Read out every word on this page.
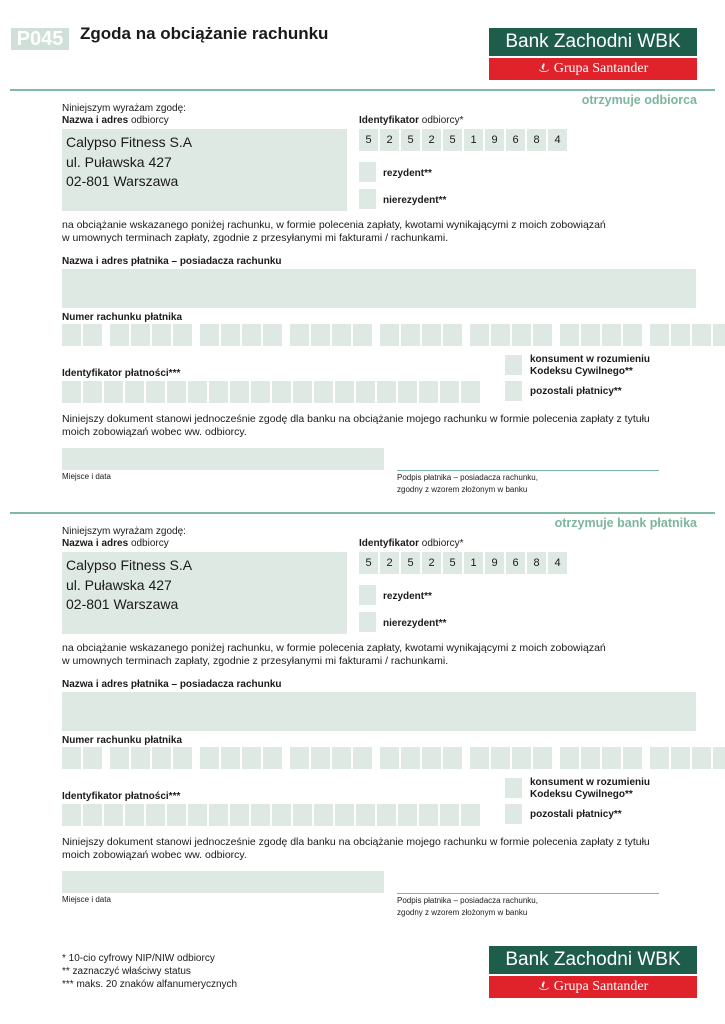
P045 Zgoda na obciążanie rachunku	Bank Zachodni WBK
Grupa Santander
otrzymuje odbiorca
Niniejszym wyrażam zgodę:
Nazwa i adres odbiorcy
Calypso Fitness S.A
ul. Puławska 427
02-801 Warszawa
Identyfikator odbiorcy*
5	2	5	2	5	1	9	6	8	4
rezydent**
nierezydent**
na obciążanie wskazanego poniżej rachunku, w formie polecenia zapłaty, kwotami wynikającymi z moich zobowiązań
w umownych terminach zapłaty, zgodnie z przesyłanymi mi fakturami / rachunkami.
Nazwa i adres płatnika – posiadacza rachunku
Numer rachunku płatnika
konsument w rozumieniu
Kodeksu Cywilnego**
Identyfikator płatności***
pozostali płatnicy**
Niniejszy dokument stanowi jednocześnie zgodę dla banku na obciążanie mojego rachunku w formie polecenia zapłaty z tytułu
moich zobowiązań wobec ww. odbiorcy.
Miejsce i data	Podpis płatnika – posiadacza rachunku,
zgodny z wzorem złożonym w banku
otrzymuje bank płatnika
Niniejszym wyrażam zgodę:
Nazwa i adres odbiorcy
Calypso Fitness S.A
ul. Puławska 427
02-801 Warszawa
Identyfikator odbiorcy*
5	2	5	2	5	1	9	6	8	4
rezydent**
nierezydent**
na obciążanie wskazanego poniżej rachunku, w formie polecenia zapłaty, kwotami wynikającymi z moich zobowiązań
w umownych terminach zapłaty, zgodnie z przesyłanymi mi fakturami / rachunkami.
Nazwa i adres płatnika – posiadacza rachunku
Numer rachunku płatnika
konsument w rozumieniu
Kodeksu Cywilnego**
Identyfikator płatności***
pozostali płatnicy**
Niniejszy dokument stanowi jednocześnie zgodę dla banku na obciążanie mojego rachunku w formie polecenia zapłaty z tytułu
moich zobowiązań wobec ww. odbiorcy.
Miejsce i data	Podpis płatnika – posiadacza rachunku,
zgodny z wzorem złożonym w banku
* 10-cio cyfrowy NIP/NIW odbiorcy
** zaznaczyć właściwy status
*** maks. 20 znaków alfanumerycznych
Bank Zachodni WBK
Grupa Santander
